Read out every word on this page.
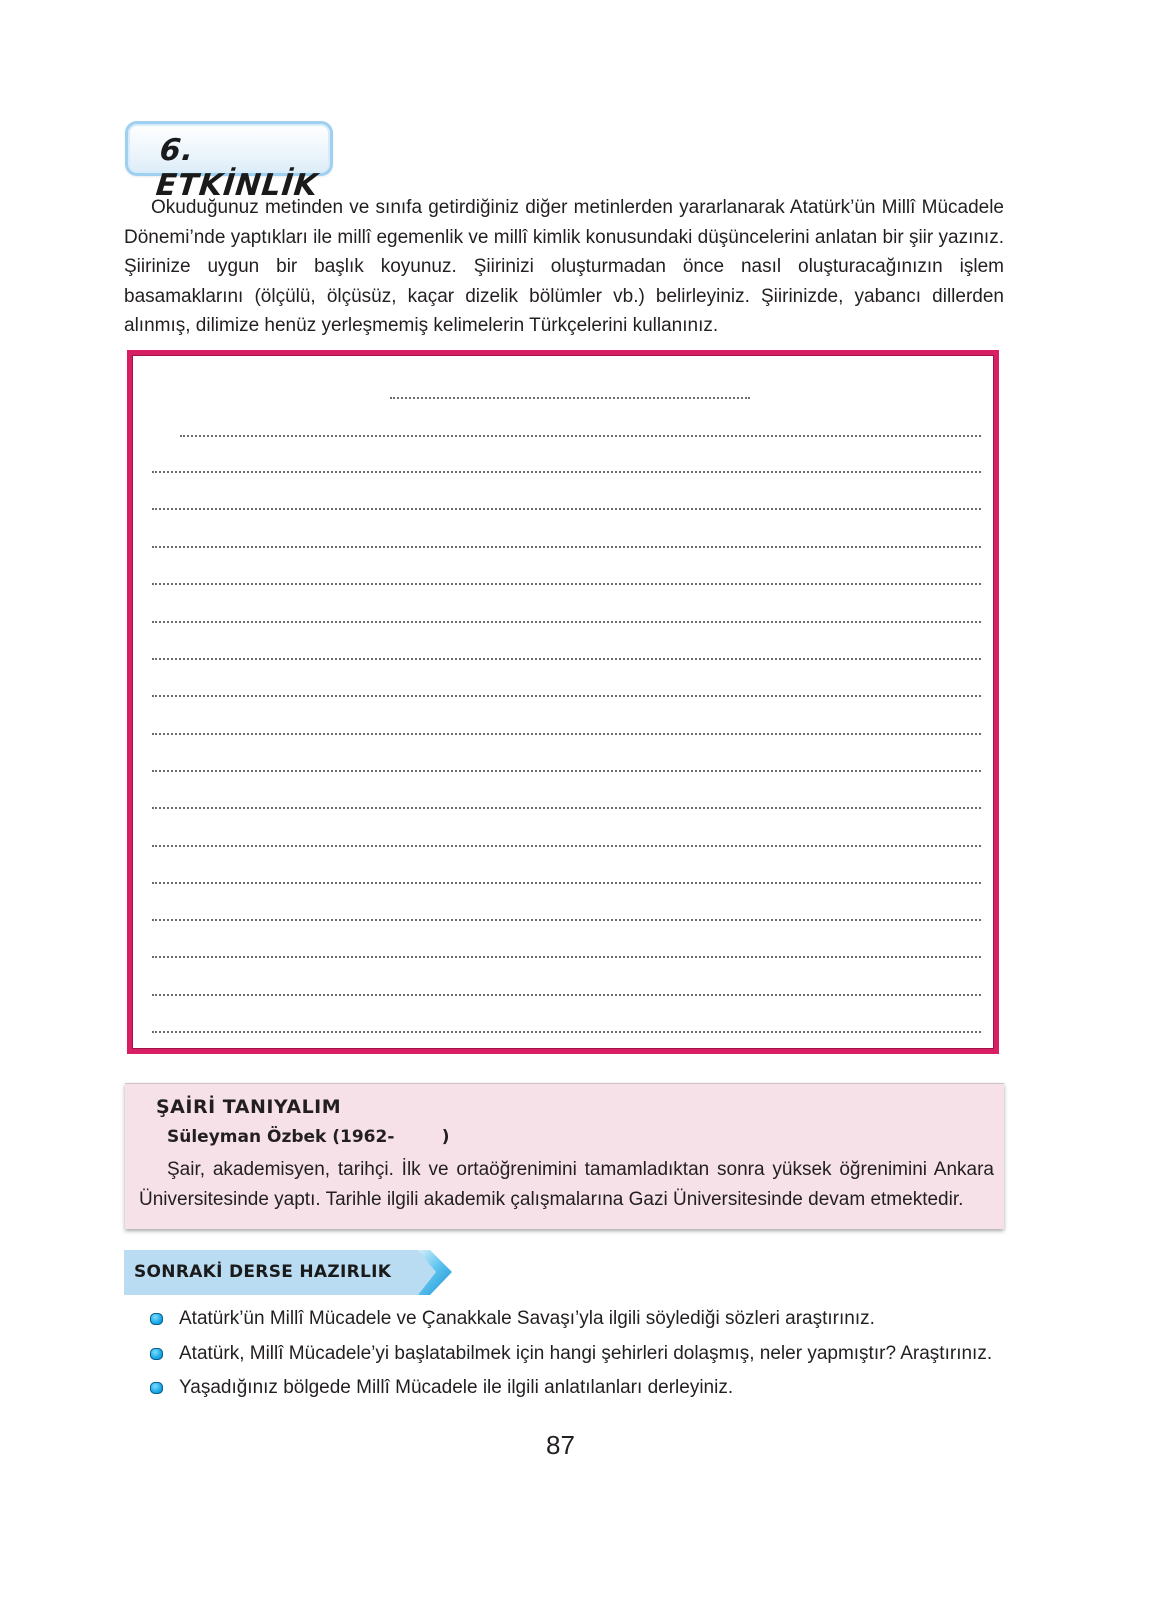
6. ETKİNLİK

Okuduğunuz metinden ve sınıfa getirdiğiniz diğer metinlerden yararlanarak Atatürk’ün Millî Mücadele Dönemi’nde yaptıkları ile millî egemenlik ve millî kimlik konusundaki düşüncelerini anlatan bir şiir yazınız. Şiirinize uygun bir başlık koyunuz. Şiirinizi oluşturmadan önce nasıl oluşturacağınızın işlem basamaklarını (ölçülü, ölçüsüz, kaçar dizelik bölümler vb.) belirleyiniz. Şiirinizde, yabancı dillerden alınmış, dilimize henüz yerleşmemiş kelimelerin Türkçelerini kullanınız.

ŞAİRİ TANIYALIM
Süleyman Özbek (1962-        )

Şair, akademisyen, tarihçi. İlk ve ortaöğrenimini tamamladıktan sonra yüksek öğrenimini Ankara Üniversitesinde yaptı. Tarihle ilgili akademik çalışmalarına Gazi Üniversitesinde devam etmektedir.

SONRAKİ DERSE HAZIRLIK
Atatürk’ün Millî Mücadele ve Çanakkale Savaşı’yla ilgili söylediği sözleri araştırınız.
Atatürk, Millî Mücadele’yi başlatabilmek için hangi şehirleri dolaşmış, neler yapmıştır? Araştırınız.
Yaşadığınız bölgede Millî Mücadele ile ilgili anlatılanları derleyiniz.
87
